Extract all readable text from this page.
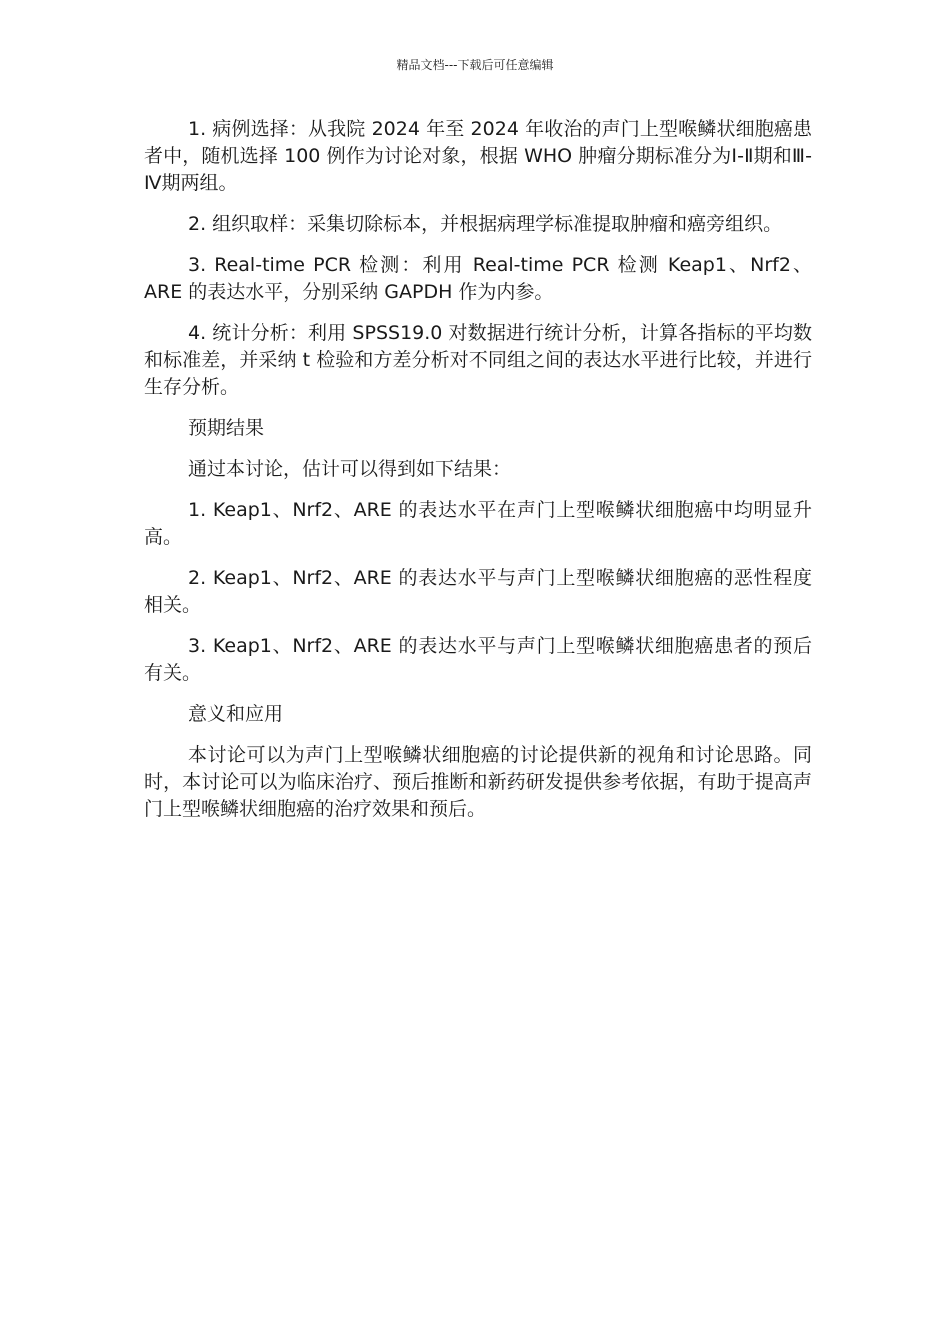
精品文档---下载后可任意编辑

1. 病例选择：从我院 2024 年至 2024 年收治的声门上型喉鳞状细胞癌患者中，随机选择 100 例作为讨论对象，根据 WHO 肿瘤分期标准分为Ⅰ-Ⅱ期和Ⅲ-Ⅳ期两组。

2. 组织取样：采集切除标本，并根据病理学标准提取肿瘤和癌旁组织。

3. Real-time PCR 检测：利用 Real-time PCR 检测 Keap1、Nrf2、ARE 的表达水平，分别采纳 GAPDH 作为内参。

4. 统计分析：利用 SPSS19.0 对数据进行统计分析，计算各指标的平均数和标准差，并采纳 t 检验和方差分析对不同组之间的表达水平进行比较，并进行生存分析。

预期结果

通过本讨论，估计可以得到如下结果：

1. Keap1、Nrf2、ARE 的表达水平在声门上型喉鳞状细胞癌中均明显升高。

2. Keap1、Nrf2、ARE 的表达水平与声门上型喉鳞状细胞癌的恶性程度相关。

3. Keap1、Nrf2、ARE 的表达水平与声门上型喉鳞状细胞癌患者的预后有关。

意义和应用

本讨论可以为声门上型喉鳞状细胞癌的讨论提供新的视角和讨论思路。同时，本讨论可以为临床治疗、预后推断和新药研发提供参考依据，有助于提高声门上型喉鳞状细胞癌的治疗效果和预后。
